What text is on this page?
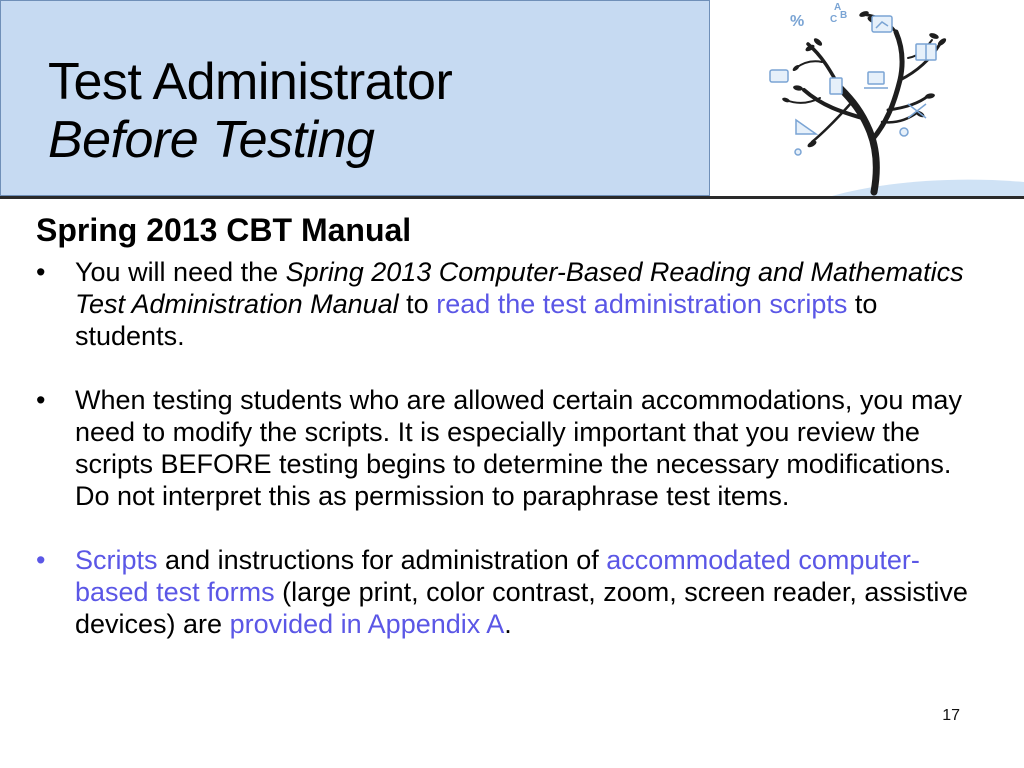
Test Administrator
Before Testing
%
A
C B
Spring 2013 CBT Manual

•	You will need the Spring 2013 Computer-Based Reading and Mathematics Test Administration Manual to read the test administration scripts to students.

•	When testing students who are allowed certain accommodations, you may need to modify the scripts. It is especially important that you review the scripts BEFORE testing begins to determine the necessary modifications. Do not interpret this as permission to paraphrase test items.

•	Scripts and instructions for administration of accommodated computer-based test forms (large print, color contrast, zoom, screen reader, assistive devices) are provided in Appendix A.

17
